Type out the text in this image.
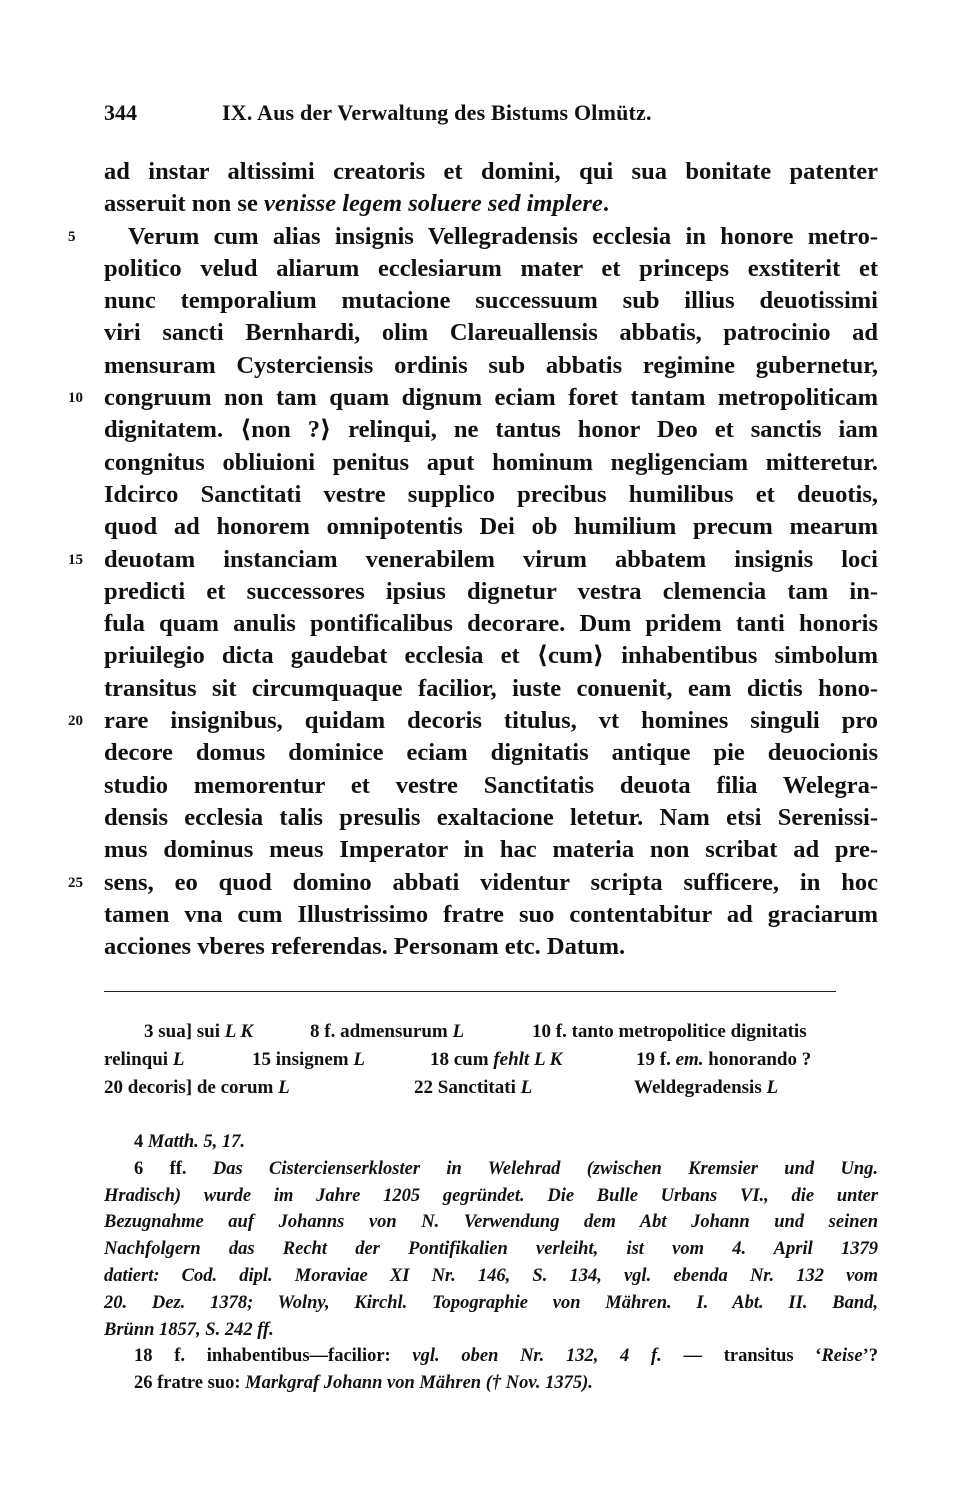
344	IX. Aus der Verwaltung des Bistums Olmütz.
ad instar altissimi creatoris et domini, qui sua bonitate patenter
asseruit non se venisse legem soluere sed implere.
5	Verum cum alias insignis Vellegradensis ecclesia in honore metro-
politico velud aliarum ecclesiarum mater et princeps exstiterit et
nunc temporalium mutacione successuum sub illius deuotissimi
viri sancti Bernhardi, olim Clareuallensis abbatis, patrocinio ad
mensuram Cysterciensis ordinis sub abbatis regimine gubernetur,
10 congruum non tam quam dignum eciam foret tantam metropoliticam
dignitatem. ⟨non ?⟩ relinqui, ne tantus honor Deo et sanctis iam
congnitus obliuioni penitus aput hominum negligenciam mitteretur.
Idcirco Sanctitati vestre supplico precibus humilibus et deuotis,
quod ad honorem omnipotentis Dei ob humilium precum mearum
15 deuotam instanciam venerabilem virum abbatem insignis loci
predicti et successores ipsius dignetur vestra clemencia tam in-
fula quam anulis pontificalibus decorare. Dum pridem tanti honoris
priuilegio dicta gaudebat ecclesia et ⟨cum⟩ inhabentibus simbolum
transitus sit circumquaque facilior, iuste conuenit, eam dictis hono-
20 rare insignibus, quidam decoris titulus, vt homines singuli pro
decore domus dominice eciam dignitatis antique pie deuocionis
studio memorentur et vestre Sanctitatis deuota filia Welegra-
densis ecclesia talis presulis exaltacione letetur. Nam etsi Serenissi-
mus dominus meus Imperator in hac materia non scribat ad pre-
25 sens, eo quod domino abbati videntur scripta sufficere, in hoc
tamen vna cum Illustrissimo fratre suo contentabitur ad graciarum
acciones vberes referendas. Personam etc. Datum.
3 sua] sui L K	8 f. admensurum L	10 f. tanto metropolitice dignitatis
relinqui L	15 insignem L	18 cum fehlt L K	19 f. em. honorando ?
20 decoris] de corum L	22 Sanctitati L	Weldegradensis L
4 Matth. 5, 17.
6 ff. Das Cistercienserkloster in Welehrad (zwischen Kremsier und Ung.
Hradisch) wurde im Jahre 1205 gegründet. Die Bulle Urbans VI., die unter
Bezugnahme auf Johanns von N. Verwendung dem Abt Johann und seinen
Nachfolgern das Recht der Pontifikalien verleiht, ist vom 4. April 1379
datiert: Cod. dipl. Moraviae XI Nr. 146, S. 134, vgl. ebenda Nr. 132 vom
20. Dez. 1378; Wolny, Kirchl. Topographie von Mähren. I. Abt. II. Band,
Brünn 1857, S. 242 ff.
18 f. inhabentibus—facilior: vgl. oben Nr. 132, 4 f. — transitus ‘Reise’?
26 fratre suo: Markgraf Johann von Mähren († Nov. 1375).
